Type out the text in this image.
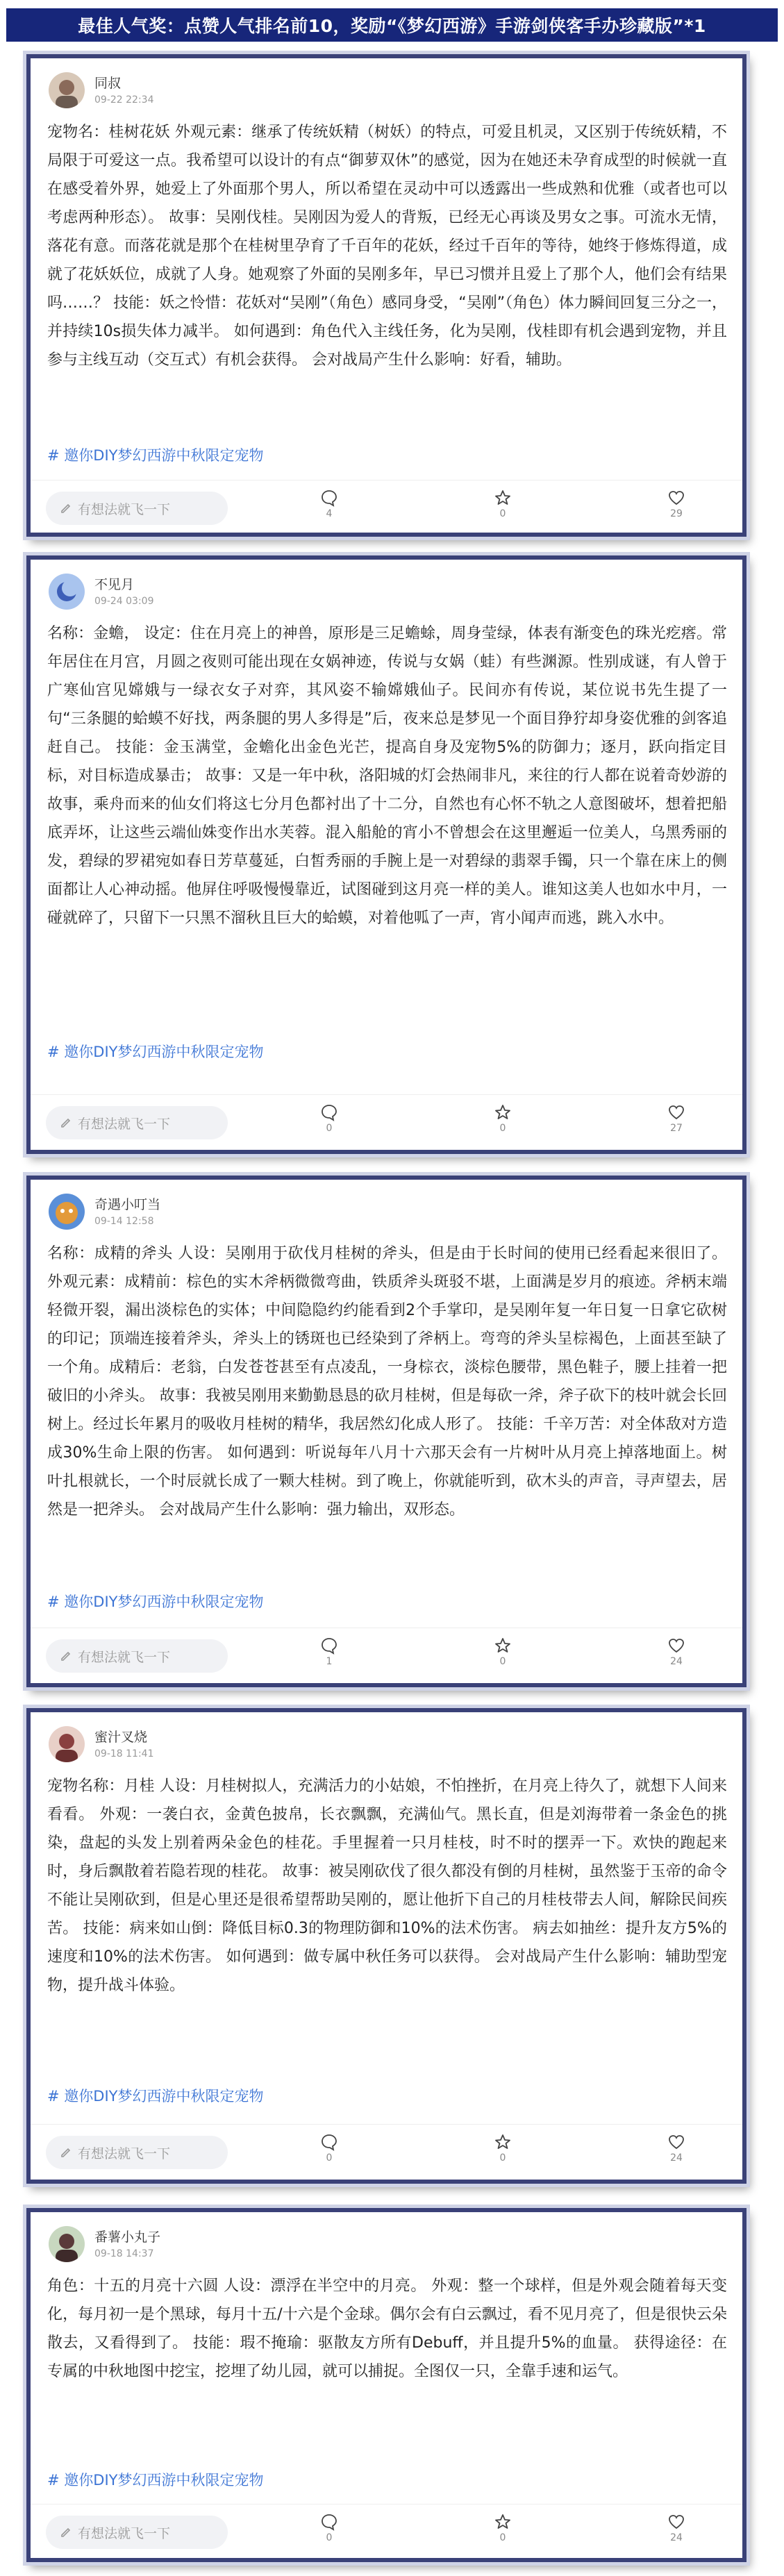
最佳人气奖：点赞人气排名前10，奖励“《梦幻西游》手游剑侠客手办珍藏版”*1
同叔
09-22 22:34

宠物名：桂树花妖 外观元素：继承了传统妖精（树妖）的特点，可爱且机灵，又区别于传统妖精，不局限于可爱这一点。我希望可以设计的有点“御萝双休”的感觉，因为在她还未孕育成型的时候就一直在感受着外界，她爱上了外面那个男人，所以希望在灵动中可以透露出一些成熟和优雅（或者也可以考虑两种形态）。 故事：吴刚伐桂。吴刚因为爱人的背叛，已经无心再谈及男女之事。可流水无情，落花有意。而落花就是那个在桂树里孕育了千百年的花妖，经过千百年的等待，她终于修炼得道，成就了花妖妖位，成就了人身。她观察了外面的吴刚多年，早已习惯并且爱上了那个人，他们会有结果吗……？ 技能：妖之怜惜：花妖对“吴刚”（角色）感同身受，“吴刚”（角色）体力瞬间回复三分之一，并持续10s损失体力减半。 如何遇到：角色代入主线任务，化为吴刚，伐桂即有机会遇到宠物，并且参与主线互动（交互式）有机会获得。 会对战局产生什么影响：好看，辅助。

# 邀你DIY梦幻西游中秋限定宠物
有想法就飞一下	4	0	29
不见月
09-24 03:09

名称：金蟾， 设定：住在月亮上的神兽，原形是三足蟾蜍，周身莹绿，体表有渐变色的珠光疙瘩。常年居住在月宫，月圆之夜则可能出现在女娲神迹，传说与女娲（蛙）有些渊源。性别成谜，有人曾于广寒仙宫见嫦娥与一绿衣女子对弈，其风姿不输嫦娥仙子。民间亦有传说，某位说书先生提了一句“三条腿的蛤蟆不好找，两条腿的男人多得是”后，夜来总是梦见一个面目狰狞却身姿优雅的剑客追赶自己。 技能：金玉满堂，金蟾化出金色光芒，提高自身及宠物5%的防御力；逐月，跃向指定目标，对目标造成暴击； 故事：又是一年中秋，洛阳城的灯会热闹非凡，来往的行人都在说着奇妙游的故事，乘舟而来的仙女们将这七分月色都衬出了十二分，自然也有心怀不轨之人意图破坏，想着把船底弄坏，让这些云端仙姝变作出水芙蓉。混入船舱的宵小不曾想会在这里邂逅一位美人，乌黑秀丽的发，碧绿的罗裙宛如春日芳草蔓延，白皙秀丽的手腕上是一对碧绿的翡翠手镯，只一个靠在床上的侧面都让人心神动摇。他屏住呼吸慢慢靠近，试图碰到这月亮一样的美人。谁知这美人也如水中月，一碰就碎了，只留下一只黑不溜秋且巨大的蛤蟆，对着他呱了一声，宵小闻声而逃，跳入水中。

# 邀你DIY梦幻西游中秋限定宠物
有想法就飞一下	0	0	27
奇遇小叮当
09-14 12:58

名称：成精的斧头 人设：吴刚用于砍伐月桂树的斧头，但是由于长时间的使用已经看起来很旧了。 外观元素：成精前：棕色的实木斧柄微微弯曲，铁质斧头斑驳不堪，上面满是岁月的痕迹。斧柄末端轻微开裂，漏出淡棕色的实体；中间隐隐约约能看到2个手掌印，是吴刚年复一年日复一日拿它砍树的印记；顶端连接着斧头，斧头上的锈斑也已经染到了斧柄上。弯弯的斧头呈棕褐色，上面甚至缺了一个角。成精后：老翁，白发苍苍甚至有点凌乱，一身棕衣，淡棕色腰带，黑色鞋子，腰上挂着一把破旧的小斧头。 故事：我被吴刚用来勤勤恳恳的砍月桂树，但是每砍一斧，斧子砍下的枝叶就会长回树上。经过长年累月的吸收月桂树的精华，我居然幻化成人形了。 技能：千辛万苦：对全体敌对方造成30%生命上限的伤害。 如何遇到：听说每年八月十六那天会有一片树叶从月亮上掉落地面上。树叶扎根就长，一个时辰就长成了一颗大桂树。到了晚上，你就能听到，砍木头的声音，寻声望去，居然是一把斧头。 会对战局产生什么影响：强力输出，双形态。

# 邀你DIY梦幻西游中秋限定宠物
有想法就飞一下	1	0	24
蜜汁叉烧
09-18 11:41

宠物名称：月桂 人设：月桂树拟人，充满活力的小姑娘，不怕挫折，在月亮上待久了，就想下人间来看看。 外观：一袭白衣，金黄色披帛，长衣飘飘，充满仙气。黑长直，但是刘海带着一条金色的挑染，盘起的头发上别着两朵金色的桂花。手里握着一只月桂枝，时不时的摆弄一下。欢快的跑起来时，身后飘散着若隐若现的桂花。 故事：被吴刚砍伐了很久都没有倒的月桂树，虽然鉴于玉帝的命令不能让吴刚砍到，但是心里还是很希望帮助吴刚的，愿让他折下自己的月桂枝带去人间，解除民间疾苦。 技能：病来如山倒：降低目标0.3的物理防御和10%的法术伤害。 病去如抽丝：提升友方5%的速度和10%的法术伤害。 如何遇到：做专属中秋任务可以获得。 会对战局产生什么影响：辅助型宠物，提升战斗体验。

# 邀你DIY梦幻西游中秋限定宠物
有想法就飞一下	0	0	24
番薯小丸子
09-18 14:37

角色：十五的月亮十六圆 人设：漂浮在半空中的月亮。 外观：整一个球样，但是外观会随着每天变化，每月初一是个黑球，每月十五/十六是个金球。偶尔会有白云飘过，看不见月亮了，但是很快云朵散去，又看得到了。 技能：瑕不掩瑜：驱散友方所有Debuff，并且提升5%的血量。 获得途径：在专属的中秋地图中挖宝，挖埋了幼儿园，就可以捕捉。全图仅一只，全靠手速和运气。

# 邀你DIY梦幻西游中秋限定宠物
有想法就飞一下	0	0	24
